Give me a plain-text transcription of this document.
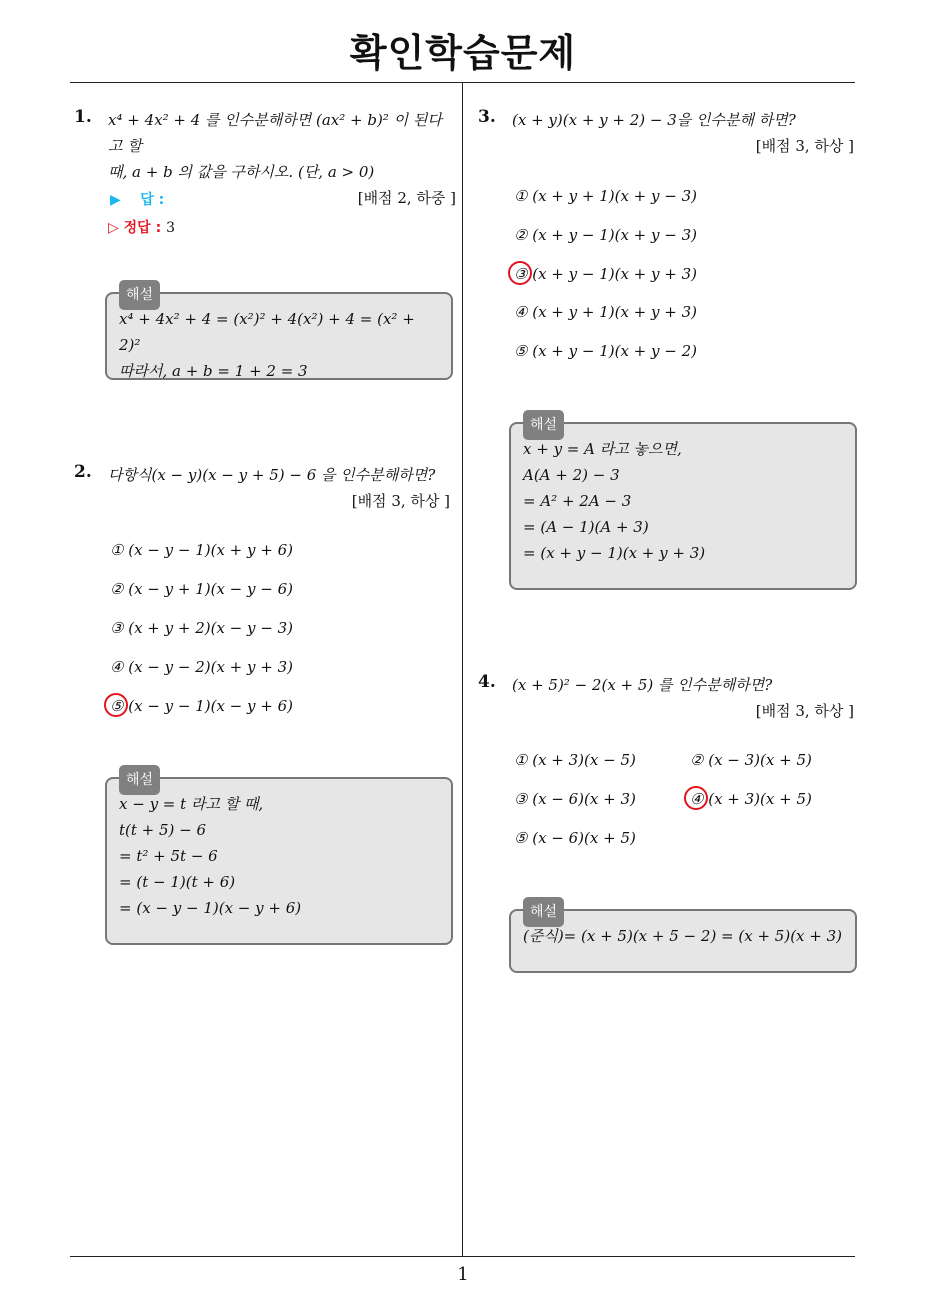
확인학습문제
1
1. x⁴ + 4x² + 4 를 인수분해하면 (ax² + b)² 이 된다고 할
때, a + b 의 값을 구하시오. (단, a > 0)
[배점 2, 하중 ]
▶ 답 :
▷ 정답 : 3
해설
x⁴ + 4x² + 4 = (x²)² + 4(x²) + 4 = (x² + 2)²
따라서, a + b = 1 + 2 = 3
2. 다항식(x − y)(x − y + 5) − 6 을 인수분해하면?
[배점 3, 하상 ]
① (x − y − 1)(x + y + 6)
② (x − y + 1)(x − y − 6)
③ (x + y + 2)(x − y − 3)
④ (x − y − 2)(x + y + 3)
⑤ (x − y − 1)(x − y + 6)
해설
x − y = t 라고 할 때,
t(t + 5) − 6
= t² + 5t − 6
= (t − 1)(t + 6)
= (x − y − 1)(x − y + 6)
3. (x + y)(x + y + 2) − 3을 인수분해 하면?
[배점 3, 하상 ]
① (x + y + 1)(x + y − 3)
② (x + y − 1)(x + y − 3)
③ (x + y − 1)(x + y + 3)
④ (x + y + 1)(x + y + 3)
⑤ (x + y − 1)(x + y − 2)
해설
x + y = A 라고 놓으면,
A(A + 2) − 3
= A² + 2A − 3
= (A − 1)(A + 3)
= (x + y − 1)(x + y + 3)
4. (x + 5)² − 2(x + 5) 를 인수분해하면?
[배점 3, 하상 ]
① (x + 3)(x − 5)	② (x − 3)(x + 5)
③ (x − 6)(x + 3)	④ (x + 3)(x + 5)
⑤ (x − 6)(x + 5)
해설
(준식)= (x + 5)(x + 5 − 2) = (x + 5)(x + 3)
